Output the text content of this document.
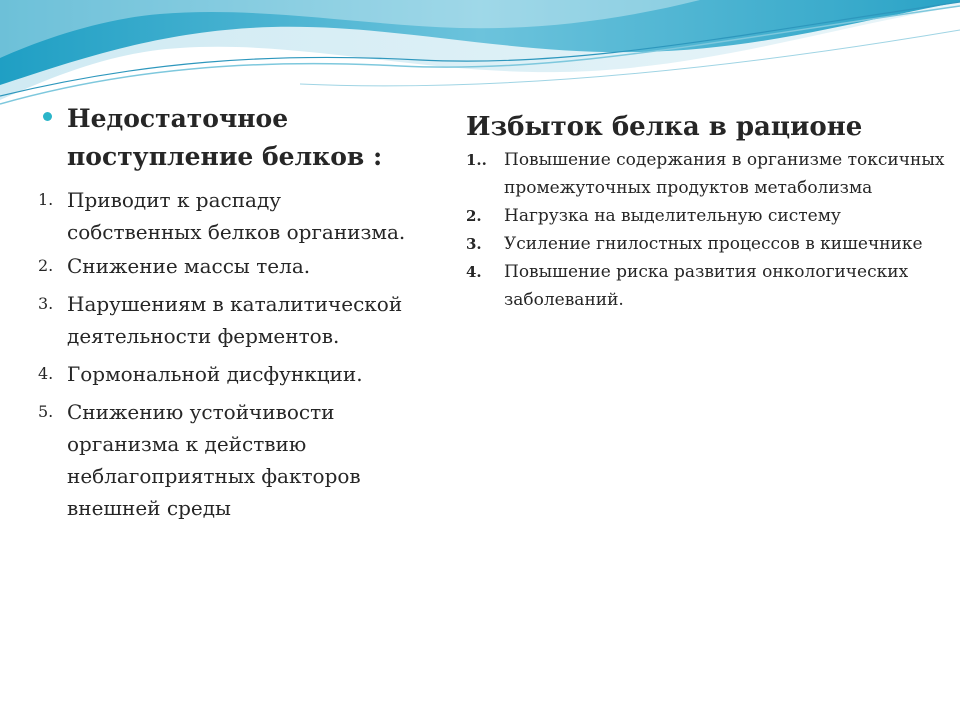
Недостаточное поступление белков :
1. Приводит к распаду собственных белков организма.
2. Снижение массы тела.
3. Нарушениям в каталитической деятельности ферментов.
4. Гормональной дисфункции.
5. Снижению устойчивости организма к действию неблагоприятных факторов внешней среды
Избыток белка в рационе
1.. Повышение содержания в организме токсичных промежуточных продуктов метаболизма
2. Нагрузка на выделительную систему
3. Усиление гнилостных процессов в кишечнике
4. Повышение риска развития онкологических заболеваний.
